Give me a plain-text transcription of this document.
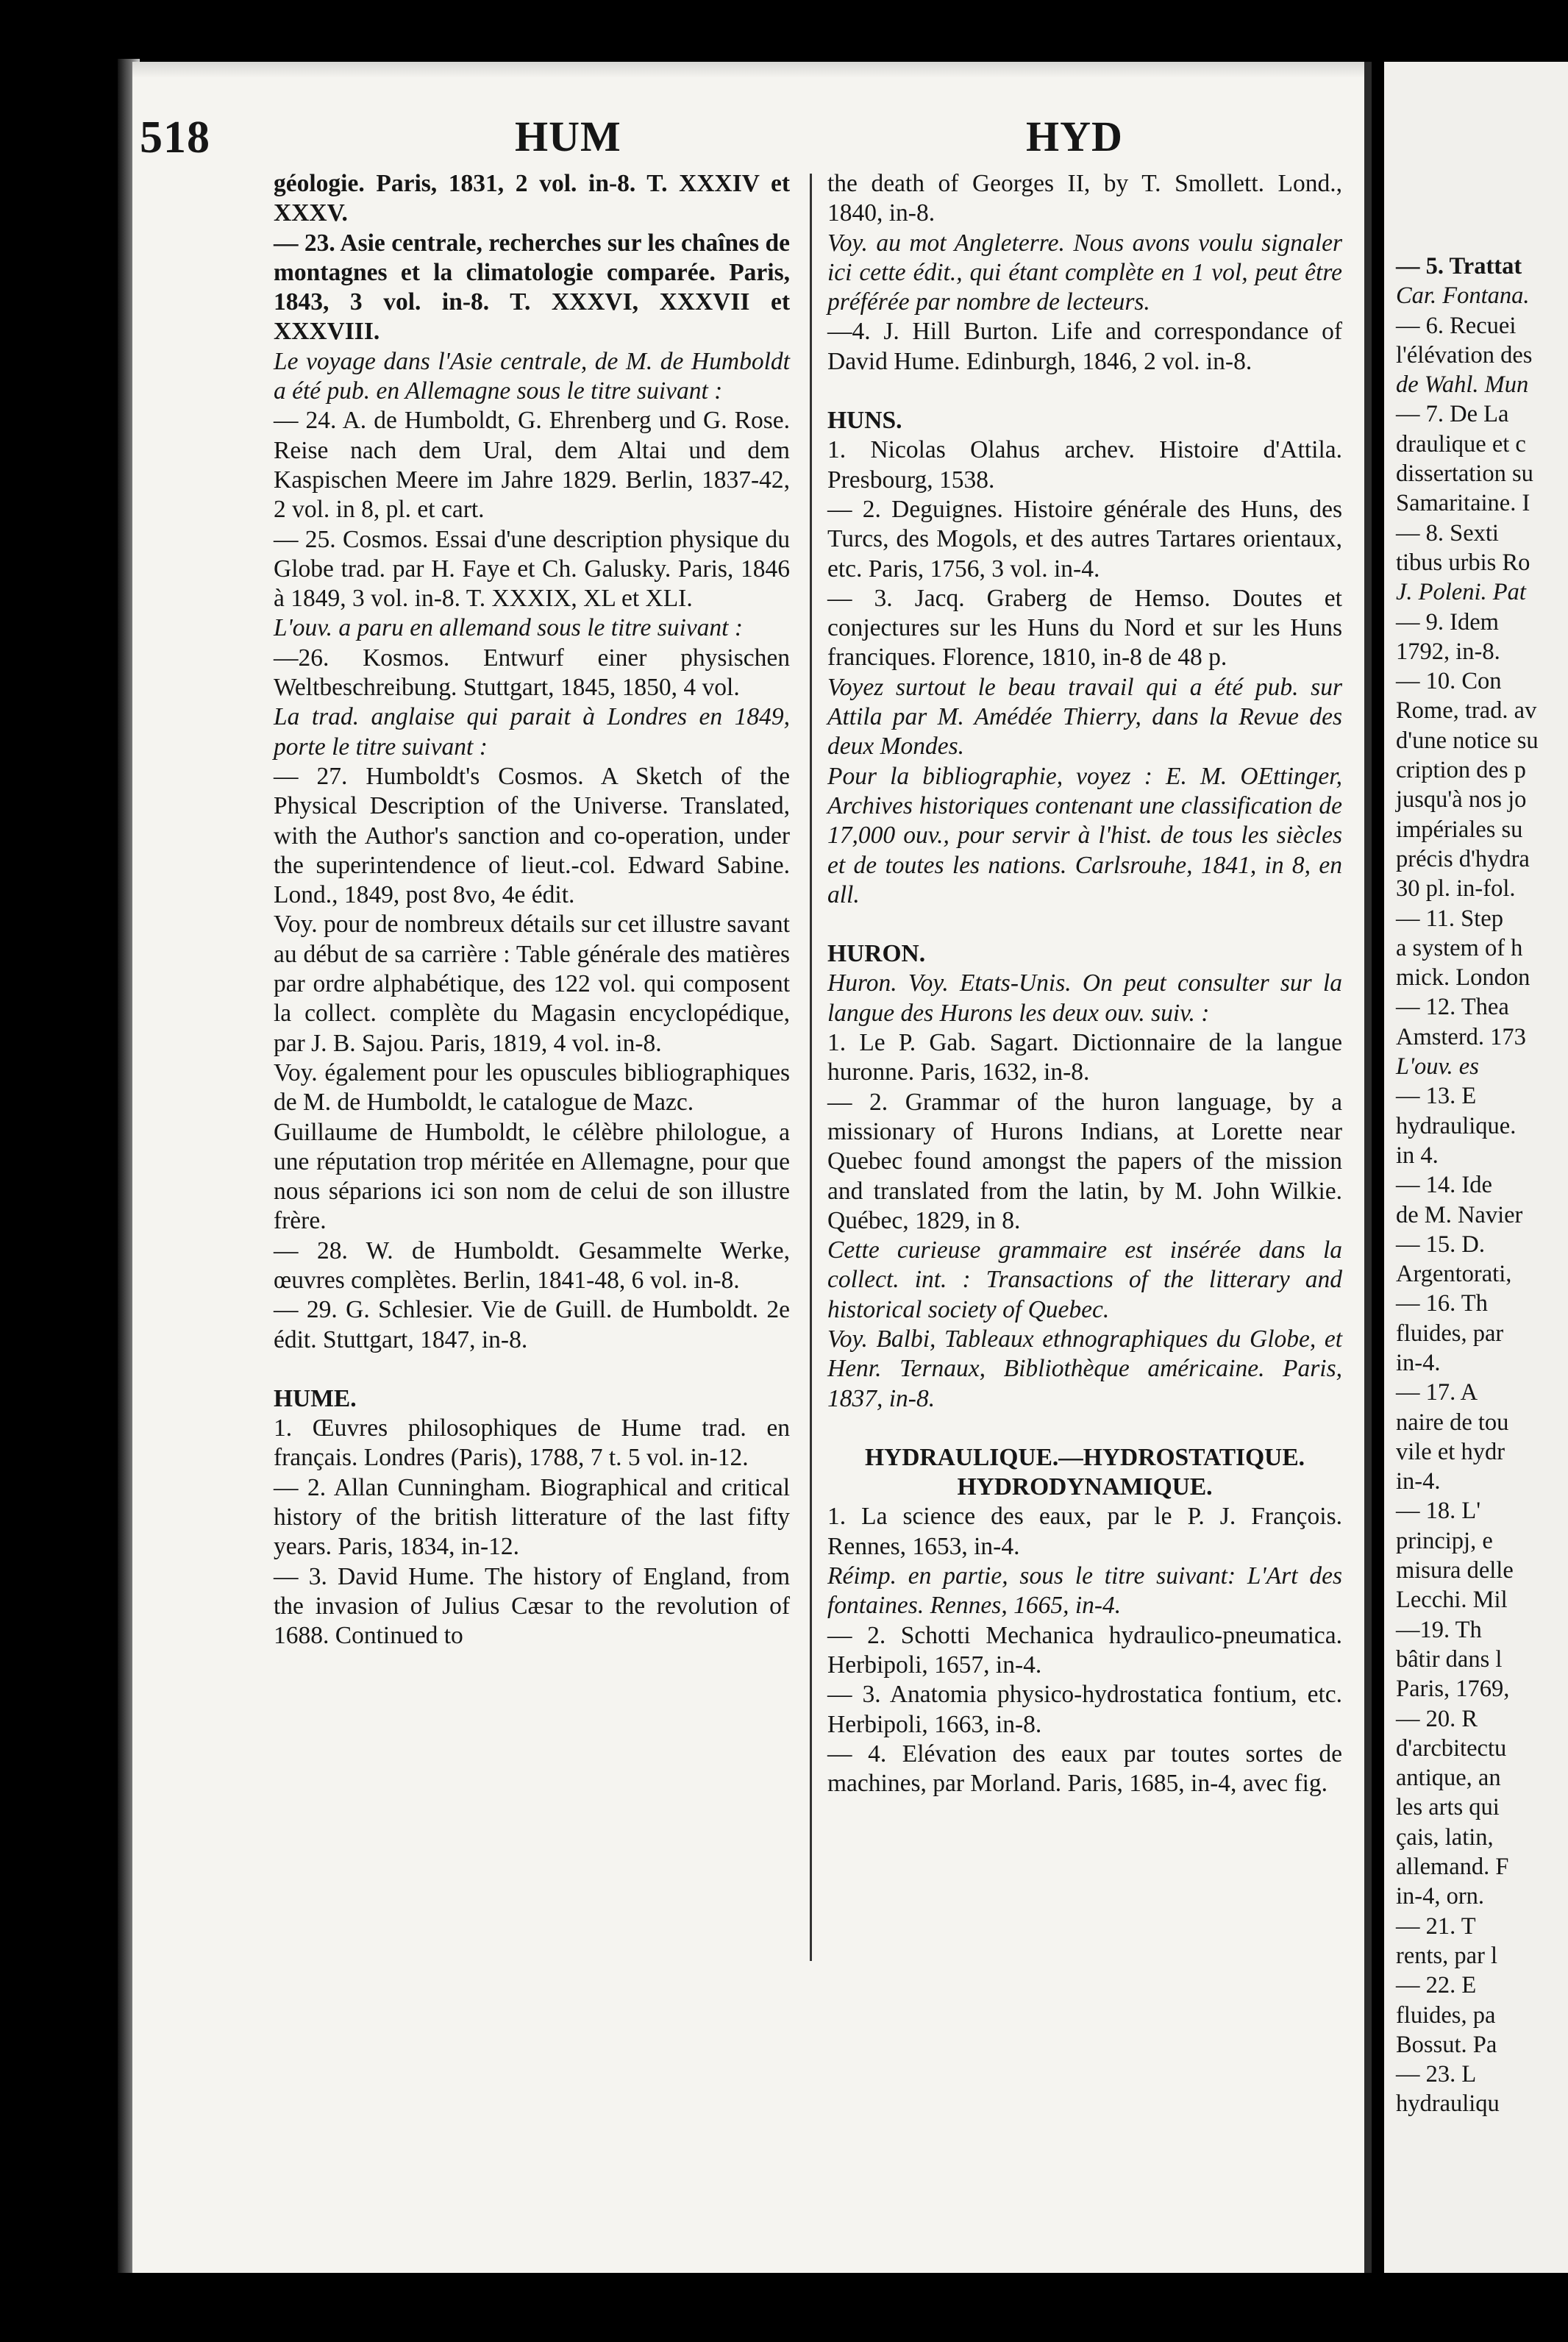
518	HUM	HYD

géologie. Paris, 1831, 2 vol. in-8. T. XXXIV et XXXV.

— 23. Asie centrale, recherches sur les chaînes de montagnes et la climatologie comparée. Paris, 1843, 3 vol. in-8. T. XXXVI, XXXVII et XXXVIII.

Le voyage dans l'Asie centrale, de M. de Humboldt a été pub. en Allemagne sous le titre suivant :

— 24. A. de Humboldt, G. Ehrenberg und G. Rose. Reise nach dem Ural, dem Altai und dem Kaspischen Meere im Jahre 1829. Berlin, 1837-42, 2 vol. in 8, pl. et cart.

— 25. Cosmos. Essai d'une description physique du Globe trad. par H. Faye et Ch. Galusky. Paris, 1846 à 1849, 3 vol. in-8. T. XXXIX, XL et XLI.

L'ouv. a paru en allemand sous le titre suivant :

—26. Kosmos. Entwurf einer physischen Weltbeschreibung. Stuttgart, 1845, 1850, 4 vol.

La trad. anglaise qui parait à Londres en 1849, porte le titre suivant :

— 27. Humboldt's Cosmos. A Sketch of the Physical Description of the Universe. Translated, with the Author's sanction and co-operation, under the superintendence of lieut.-col. Edward Sabine. Lond., 1849, post 8vo, 4e édit.

Voy. pour de nombreux détails sur cet illustre savant au début de sa carrière : Table générale des matières par ordre alphabétique, des 122 vol. qui composent la collect. complète du Magasin encyclopédique, par J. B. Sajou. Paris, 1819, 4 vol. in-8.

Voy. également pour les opuscules bibliographiques de M. de Humboldt, le catalogue de Mazc.

Guillaume de Humboldt, le célèbre philologue, a une réputation trop méritée en Allemagne, pour que nous séparions ici son nom de celui de son illustre frère.

— 28. W. de Humboldt. Gesammelte Werke, œuvres complètes. Berlin, 1841-48, 6 vol. in-8.

— 29. G. Schlesier. Vie de Guill. de Humboldt. 2e édit. Stuttgart, 1847, in-8.

HUME.

1. Œuvres philosophiques de Hume trad. en français. Londres (Paris), 1788, 7 t. 5 vol. in-12.

— 2. Allan Cunningham. Biographical and critical history of the british litterature of the last fifty years. Paris, 1834, in-12.

— 3. David Hume. The history of England, from the invasion of Julius Cæsar to the revolution of 1688. Continued to

the death of Georges II, by T. Smollett. Lond., 1840, in-8.

Voy. au mot Angleterre. Nous avons voulu signaler ici cette édit., qui étant complète en 1 vol, peut être préférée par nombre de lecteurs.

—4. J. Hill Burton. Life and correspondance of David Hume. Edinburgh, 1846, 2 vol. in-8.

HUNS.

1. Nicolas Olahus archev. Histoire d'Attila. Presbourg, 1538.

— 2. Deguignes. Histoire générale des Huns, des Turcs, des Mogols, et des autres Tartares orientaux, etc. Paris, 1756, 3 vol. in-4.

— 3. Jacq. Graberg de Hemso. Doutes et conjectures sur les Huns du Nord et sur les Huns franciques. Florence, 1810, in-8 de 48 p.

Voyez surtout le beau travail qui a été pub. sur Attila par M. Amédée Thierry, dans la Revue des deux Mondes.

Pour la bibliographie, voyez : E. M. OEttinger, Archives historiques contenant une classification de 17,000 ouv., pour servir à l'hist. de tous les siècles et de toutes les nations. Carlsrouhe, 1841, in 8, en all.

HURON.

Huron. Voy. Etats-Unis. On peut consulter sur la langue des Hurons les deux ouv. suiv. :

1. Le P. Gab. Sagart. Dictionnaire de la langue huronne. Paris, 1632, in-8.

— 2. Grammar of the huron language, by a missionary of Hurons Indians, at Lorette near Quebec found amongst the papers of the mission and translated from the latin, by M. John Wilkie. Québec, 1829, in 8.

Cette curieuse grammaire est insérée dans la collect. int. : Transactions of the litterary and historical society of Quebec.

Voy. Balbi, Tableaux ethnographiques du Globe, et Henr. Ternaux, Bibliothèque américaine. Paris, 1837, in-8.

HYDRAULIQUE.—HYDROSTATIQUE. HYDRODYNAMIQUE.

1. La science des eaux, par le P. J. François. Rennes, 1653, in-4.

Réimp. en partie, sous le titre suivant: L'Art des fontaines. Rennes, 1665, in-4.

— 2. Schotti Mechanica hydraulico-pneumatica. Herbipoli, 1657, in-4.

— 3. Anatomia physico-hydrostatica fontium, etc. Herbipoli, 1663, in-8.

— 4. Elévation des eaux par toutes sortes de machines, par Morland. Paris, 1685, in-4, avec fig.

— 5. Trattat

Car. Fontana.

— 6. Recuei

l'élévation des

de Wahl. Mun

— 7. De La

draulique et c

dissertation su

Samaritaine. I

— 8. Sexti

tibus urbis Ro

J. Poleni. Pat

— 9. Idem

1792, in-8.

— 10. Con

Rome, trad. av

d'une notice su

cription des p

jusqu'à nos jo

impériales su

précis d'hydra

30 pl. in-fol.

— 11. Step

a system of h

mick. London

— 12. Thea

Amsterd. 173

L'ouv. es

— 13. E

hydraulique.

in 4.

— 14. Ide

de M. Navier

— 15. D.

Argentorati,

— 16. Th

fluides, par

in-4.

— 17. A

naire de tou

vile et hydr

in-4.

— 18. L'

principj, e

misura delle

Lecchi. Mil

—19. Th

bâtir dans l

Paris, 1769,

— 20. R

d'arcbitectu

antique, an

les arts qui

çais, latin,

allemand. F

in-4, orn.

— 21. T

rents, par l

— 22. E

fluides, pa

Bossut. Pa

— 23. L

hydrauliqu
